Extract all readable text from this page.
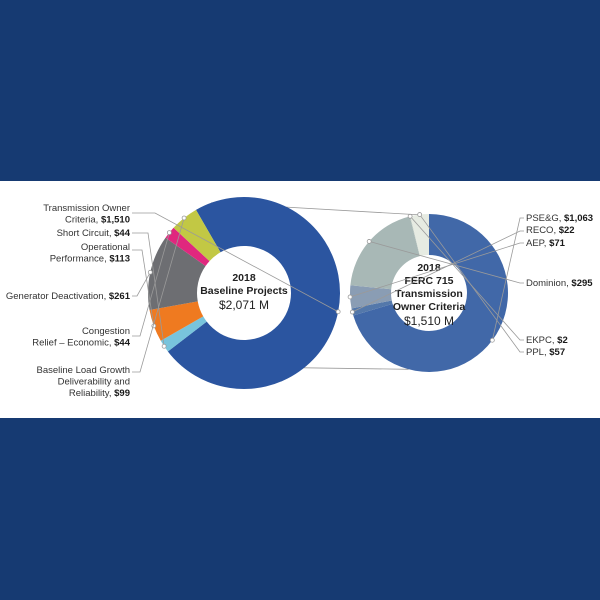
2018
Baseline Projects
$2,071 M
2018
FERC 715
Transmission
Owner Criteria
$1,510 M
Transmission Owner
Criteria, $1,510
Short Circuit, $44
Operational
Performance, $113
Generator Deactivation, $261
Congestion
Relief – Economic, $44
Baseline Load Growth
Deliverability and
Reliability, $99
PSE&G, $1,063
RECO, $22
AEP, $71
Dominion, $295
EKPC, $2
PPL, $57
